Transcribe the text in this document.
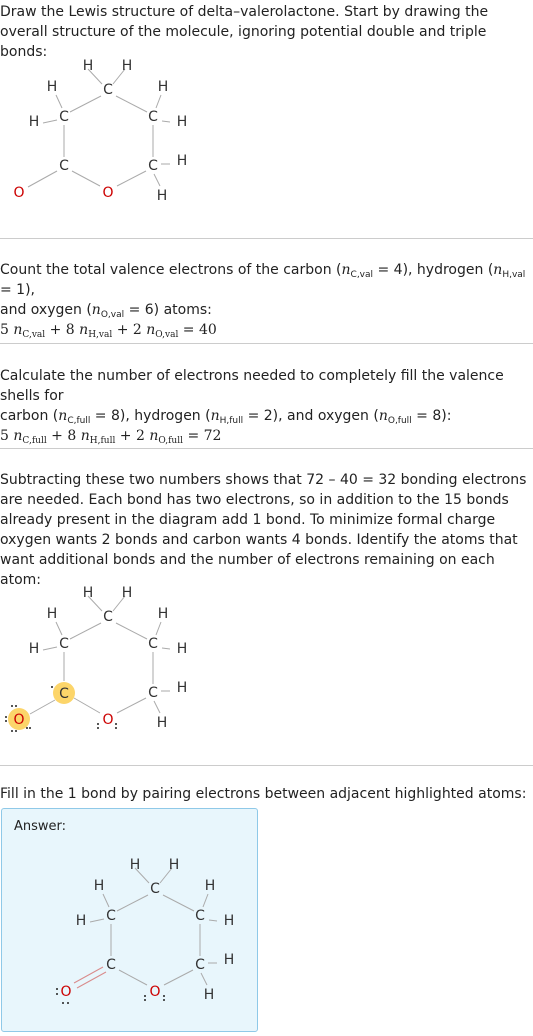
Draw the Lewis structure of delta–valerolactone. Start by drawing the overall structure of the molecule, ignoring potential double and triple bonds:

H H
C
H	H
H C	C H
C	C H
H
O	O
Count the total valence electrons of the carbon $(n_{C,val} = 4)$, hydrogen $(n_{H,val} = 1)$,
and oxygen $(n_{O,val} = 6)$ atoms:
5 $n_{C,val} + 8$ $n_{H,val} + 2$ $n_{O,val} = 40$
Calculate the number of electrons needed to completely fill the valence shells for
carbon $(n_{C,full} = 8)$, hydrogen $(n_{H,full} = 2)$, and oxygen $(n_{O,full} = 8)$:
5 $n_{C,full} + 8$ $n_{H,full} + 2$ $n_{O,full} = 72$

Subtracting these two numbers shows that 72 – 40 = 32 bonding electrons are needed. Each bond has two electrons, so in addition to the 15 bonds already present in the diagram add 1 bond. To minimize formal charge oxygen wants 2 bonds and carbon wants 4 bonds. Identify the atoms that want additional bonds and the number of electrons remaining on each atom:

H H
C
H	H
H C	C H
C	C H
H
O	O

Fill in the 1 bond by pairing electrons between adjacent highlighted atoms:

Answer:
H H
C
H	H
H C	C H
C	C H
H
O	O
